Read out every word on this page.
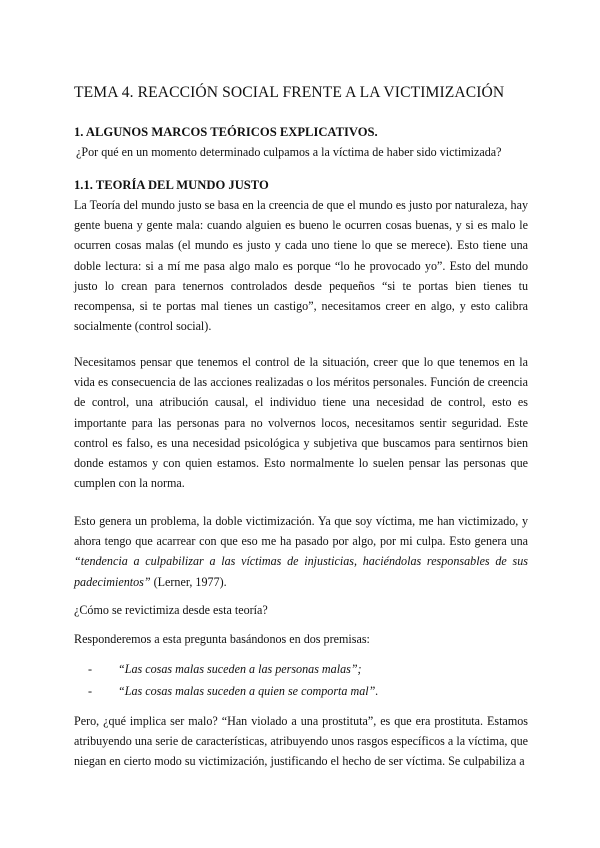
TEMA 4. REACCIÓN SOCIAL FRENTE A LA VICTIMIZACIÓN
1. ALGUNOS MARCOS TEÓRICOS EXPLICATIVOS.

¿Por qué en un momento determinado culpamos a la víctima de haber sido victimizada?

1.1. TEORÍA DEL MUNDO JUSTO

La Teoría del mundo justo se basa en la creencia de que el mundo es justo por naturaleza, hay gente buena y gente mala: cuando alguien es bueno le ocurren cosas buenas, y si es malo le ocurren cosas malas (el mundo es justo y cada uno tiene lo que se merece). Esto tiene una doble lectura: si a mí me pasa algo malo es porque “lo he provocado yo”. Esto del mundo justo lo crean para tenernos controlados desde pequeños “si te portas bien tienes tu recompensa, si te portas mal tienes un castigo”, necesitamos creer en algo, y esto calibra socialmente (control social).

Necesitamos pensar que tenemos el control de la situación, creer que lo que tenemos en la vida es consecuencia de las acciones realizadas o los méritos personales. Función de creencia de control, una atribución causal, el individuo tiene una necesidad de control, esto es importante para las personas para no volvernos locos, necesitamos sentir seguridad. Este control es falso, es una necesidad psicológica y subjetiva que buscamos para sentirnos bien donde estamos y con quien estamos. Esto normalmente lo suelen pensar las personas que cumplen con la norma.

Esto genera un problema, la doble victimización. Ya que soy víctima, me han victimizado, y ahora tengo que acarrear con que eso me ha pasado por algo, por mi culpa. Esto genera una “tendencia a culpabilizar a las víctimas de injusticias, haciéndolas responsables de sus padecimientos” (Lerner, 1977).

¿Cómo se revictimiza desde esta teoría?

Responderemos a esta pregunta basándonos en dos premisas:

- “Las cosas malas suceden a las personas malas”;
- “Las cosas malas suceden a quien se comporta mal”.

Pero, ¿qué implica ser malo? “Han violado a una prostituta”, es que era prostituta. Estamos atribuyendo una serie de características, atribuyendo unos rasgos específicos a la víctima, que niegan en cierto modo su victimización, justificando el hecho de ser víctima. Se culpabiliza a
